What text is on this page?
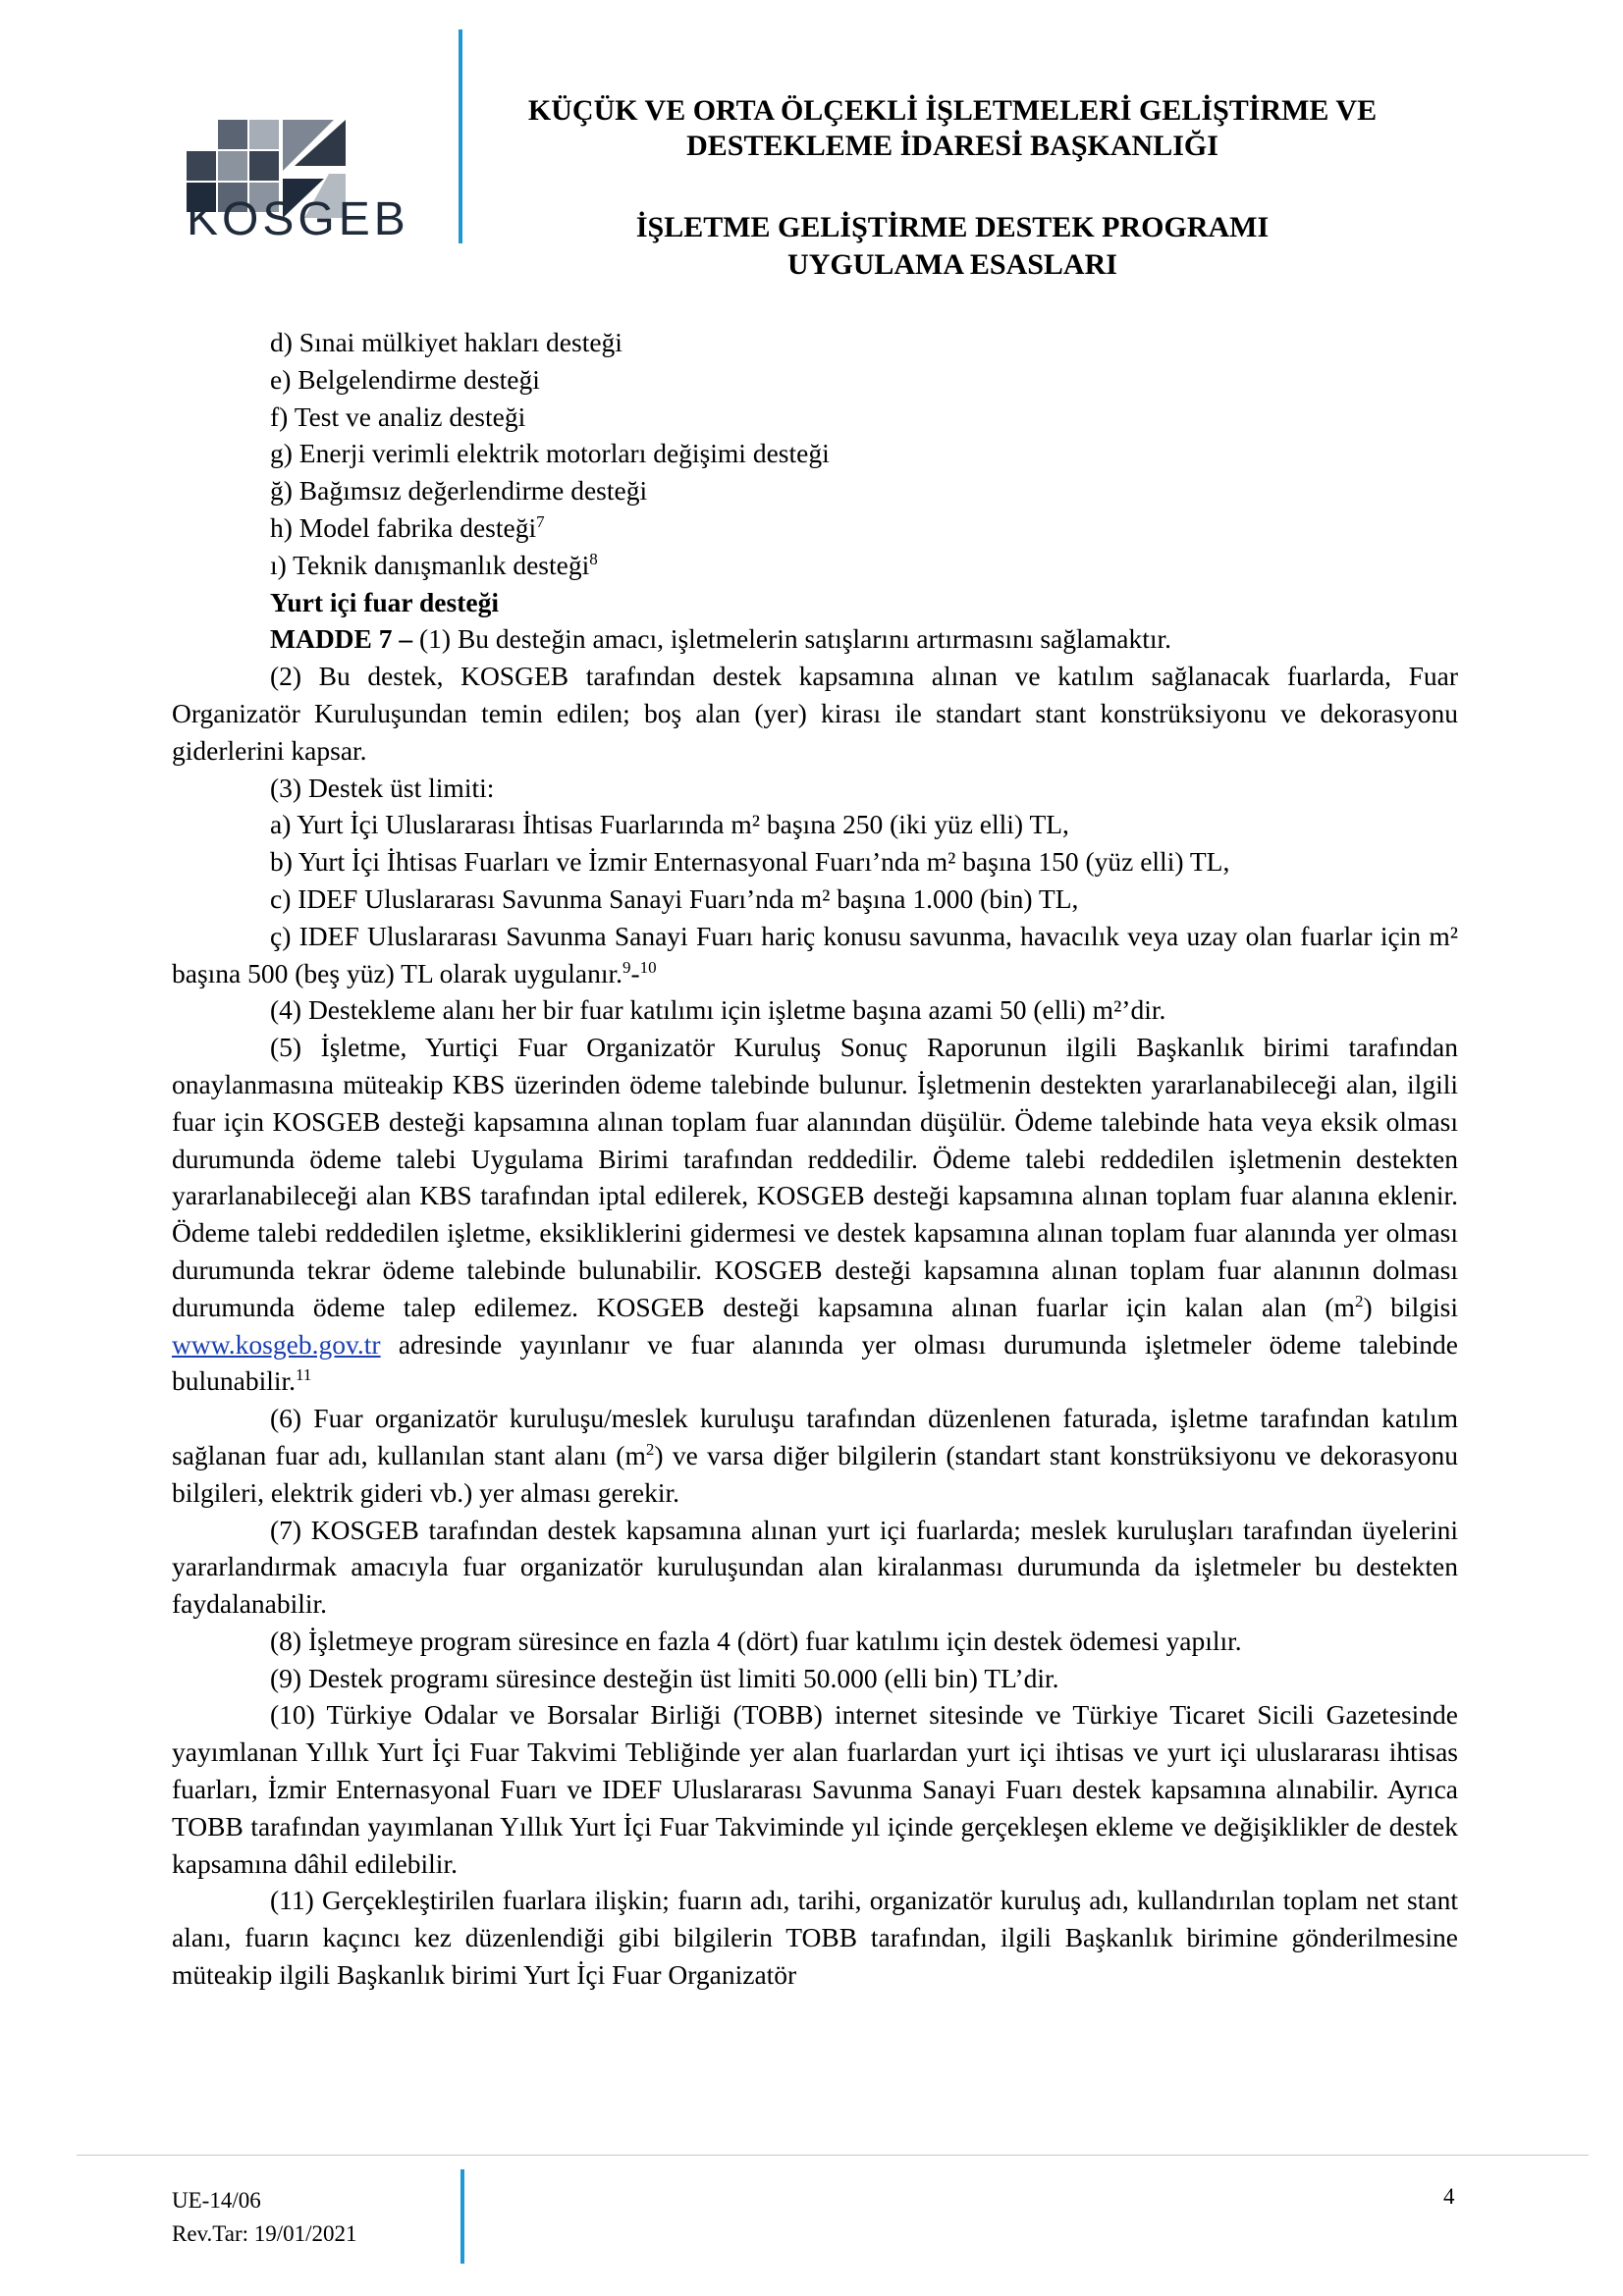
KOSGEB
KÜÇÜK VE ORTA ÖLÇEKLİ İŞLETMELERİ GELİŞTİRME VE
DESTEKLEME İDARESİ BAŞKANLIĞI
İŞLETME GELİŞTİRME DESTEK PROGRAMI
UYGULAMA ESASLARI

d) Sınai mülkiyet hakları desteği

e) Belgelendirme desteği

f) Test ve analiz desteği

g) Enerji verimli elektrik motorları değişimi desteği

ğ) Bağımsız değerlendirme desteği

h) Model fabrika desteği$^7$

ı) Teknik danışmanlık desteği$^8$

Yurt içi fuar desteği

MADDE 7 – (1) Bu desteğin amacı, işletmelerin satışlarını artırmasını sağlamaktır.

(2) Bu destek, KOSGEB tarafından destek kapsamına alınan ve katılım sağlanacak fuarlarda, Fuar Organizatör Kuruluşundan temin edilen; boş alan (yer) kirası ile standart stant konstrüksiyonu ve dekorasyonu giderlerini kapsar.

(3) Destek üst limiti:

a) Yurt İçi Uluslararası İhtisas Fuarlarında m² başına 250 (iki yüz elli) TL,

b) Yurt İçi İhtisas Fuarları ve İzmir Enternasyonal Fuarı’nda m² başına 150 (yüz elli) TL,

c) IDEF Uluslararası Savunma Sanayi Fuarı’nda m² başına 1.000 (bin) TL,

ç) IDEF Uluslararası Savunma Sanayi Fuarı hariç konusu savunma, havacılık veya uzay olan fuarlar için m² başına 500 (beş yüz) TL olarak uygulanır.$^9$-$^{10}$

(4) Destekleme alanı her bir fuar katılımı için işletme başına azami 50 (elli) m²’dir.

(5) İşletme, Yurtiçi Fuar Organizatör Kuruluş Sonuç Raporunun ilgili Başkanlık birimi tarafından onaylanmasına müteakip KBS üzerinden ödeme talebinde bulunur. İşletmenin destekten yararlanabileceği alan, ilgili fuar için KOSGEB desteği kapsamına alınan toplam fuar alanından düşülür. Ödeme talebinde hata veya eksik olması durumunda ödeme talebi Uygulama Birimi tarafından reddedilir. Ödeme talebi reddedilen işletmenin destekten yararlanabileceği alan KBS tarafından iptal edilerek, KOSGEB desteği kapsamına alınan toplam fuar alanına eklenir. Ödeme talebi reddedilen işletme, eksikliklerini gidermesi ve destek kapsamına alınan toplam fuar alanında yer olması durumunda tekrar ödeme talebinde bulunabilir. KOSGEB desteği kapsamına alınan toplam fuar alanının dolması durumunda ödeme talep edilemez. KOSGEB desteği kapsamına alınan fuarlar için kalan alan $(m^2)$ bilgisi www.kosgeb.gov.tr adresinde yayınlanır ve fuar alanında yer olması durumunda işletmeler ödeme talebinde bulunabilir.$^{11}$

(6) Fuar organizatör kuruluşu/meslek kuruluşu tarafından düzenlenen faturada, işletme tarafından katılım sağlanan fuar adı, kullanılan stant alanı $(m^2)$ ve varsa diğer bilgilerin (standart stant konstrüksiyonu ve dekorasyonu bilgileri, elektrik gideri vb.) yer alması gerekir.

(7) KOSGEB tarafından destek kapsamına alınan yurt içi fuarlarda; meslek kuruluşları tarafından üyelerini yararlandırmak amacıyla fuar organizatör kuruluşundan alan kiralanması durumunda da işletmeler bu destekten faydalanabilir.

(8) İşletmeye program süresince en fazla 4 (dört) fuar katılımı için destek ödemesi yapılır.

(9) Destek programı süresince desteğin üst limiti 50.000 (elli bin) TL’dir.

(10) Türkiye Odalar ve Borsalar Birliği (TOBB) internet sitesinde ve Türkiye Ticaret Sicili Gazetesinde yayımlanan Yıllık Yurt İçi Fuar Takvimi Tebliğinde yer alan fuarlardan yurt içi ihtisas ve yurt içi uluslararası ihtisas fuarları, İzmir Enternasyonal Fuarı ve IDEF Uluslararası Savunma Sanayi Fuarı destek kapsamına alınabilir. Ayrıca TOBB tarafından yayımlanan Yıllık Yurt İçi Fuar Takviminde yıl içinde gerçekleşen ekleme ve değişiklikler de destek kapsamına dâhil edilebilir.

(11) Gerçekleştirilen fuarlara ilişkin; fuarın adı, tarihi, organizatör kuruluş adı, kullandırılan toplam net stant alanı, fuarın kaçıncı kez düzenlendiği gibi bilgilerin TOBB tarafından, ilgili Başkanlık birimine gönderilmesine müteakip ilgili Başkanlık birimi Yurt İçi Fuar Organizatör

UE-14/06
Rev.Tar: 19/01/2021
4
